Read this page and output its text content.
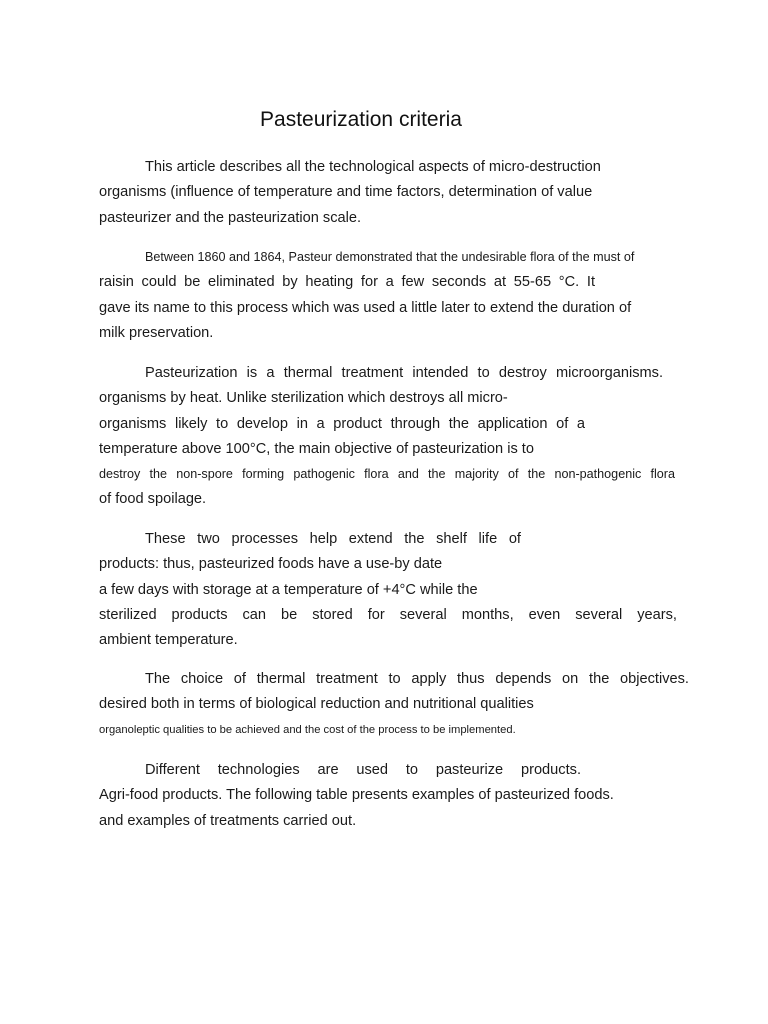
Pasteurization criteria
This article describes all the technological aspects of micro-destruction
organisms (influence of temperature and time factors, determination of value
pasteurizer and the pasteurization scale.
Between 1860 and 1864, Pasteur demonstrated that the undesirable flora of the must of
raisin could be eliminated by heating for a few seconds at 55-65 °C. It
gave its name to this process which was used a little later to extend the duration of
milk preservation.
Pasteurization is a thermal treatment intended to destroy microorganisms.
organisms by heat. Unlike sterilization which destroys all micro-
organisms likely to develop in a product through the application of a
temperature above 100°C, the main objective of pasteurization is to
destroy the non-spore forming pathogenic flora and the majority of the non-pathogenic flora
of food spoilage.
These two processes help extend the shelf life of
products: thus, pasteurized foods have a use-by date
a few days with storage at a temperature of +4°C while the
sterilized products can be stored for several months, even several years,
ambient temperature.
The choice of thermal treatment to apply thus depends on the objectives.
desired both in terms of biological reduction and nutritional qualities
organoleptic qualities to be achieved and the cost of the process to be implemented.
Different technologies are used to pasteurize products.
Agri-food products. The following table presents examples of pasteurized foods.
and examples of treatments carried out.
